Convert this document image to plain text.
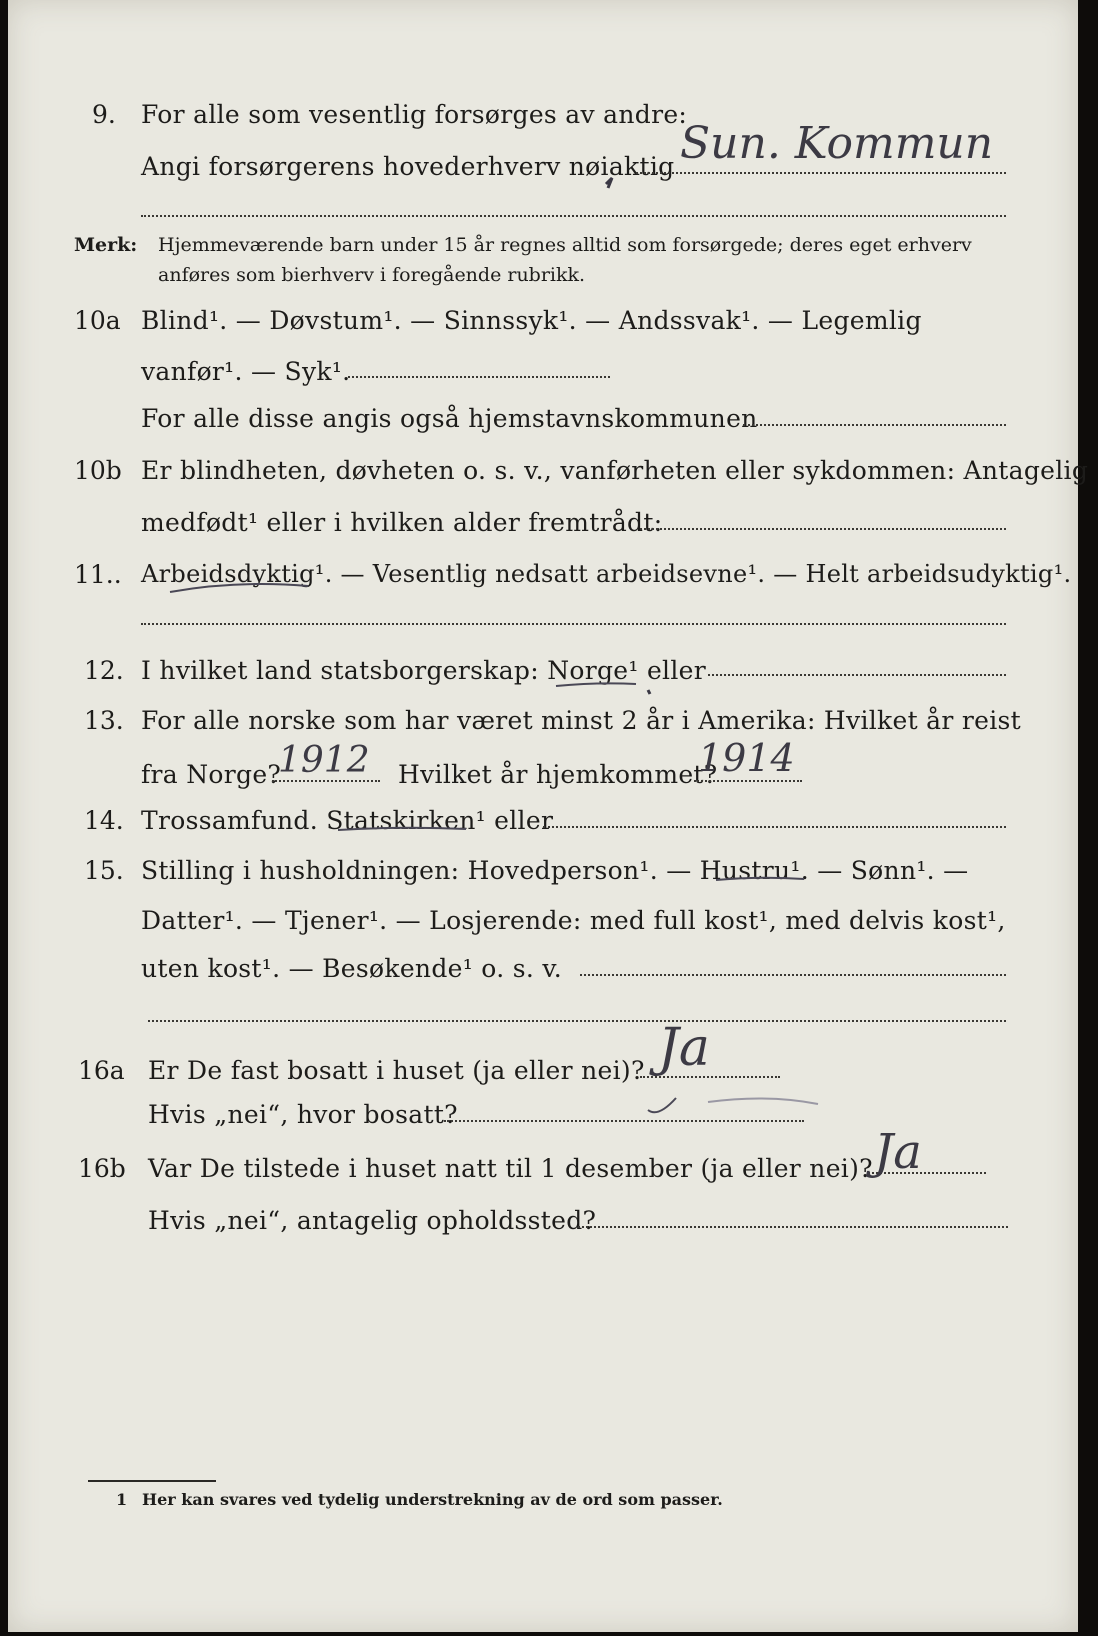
9. For alle som vesentlig forsørges av andre:
Angi forsørgerens hovederhverv nøiaktig Sun. Kommun
Merk: Hjemmeværende barn under 15 år regnes alltid som forsørgede; deres eget erhverv
anføres som bierhverv i foregående rubrikk.
10a Blind¹. — Døvstum¹. — Sinnssyk¹. — Andssvak¹. — Legemlig
vanfør¹. — Syk¹.
For alle disse angis også hjemstavnskommunen
10b Er blindheten, døvheten o. s. v., vanførheten eller sykdommen: Antagelig
medfødt¹ eller i hvilken alder fremtrådt:
11.. Arbeidsdyktig¹. — Vesentlig nedsatt arbeidsevne¹. — Helt arbeidsudyktig¹.
12. I hvilket land statsborgerskap: Norge¹ eller
13. For alle norske som har været minst 2 år i Amerika: Hvilket år reist
fra Norge?
1912 Hvilket år hjemkommet?
1914
14. Trossamfund. Statskirken¹ eller
15. Stilling i husholdningen: Hovedperson¹. — Hustru¹. — Sønn¹. —
Datter¹. — Tjener¹. — Losjerende: med full kost¹, med delvis kost¹,
uten kost¹. — Besøkende¹ o. s. v.
16a Er De fast bosatt i huset (ja eller nei)? Ja
Hvis „nei“, hvor bosatt?
16b Var De tilstede i huset natt til 1 desember (ja eller nei)? Ja
Hvis „nei“, antagelig opholdssted?
1 Her kan svares ved tydelig understrekning av de ord som passer.
